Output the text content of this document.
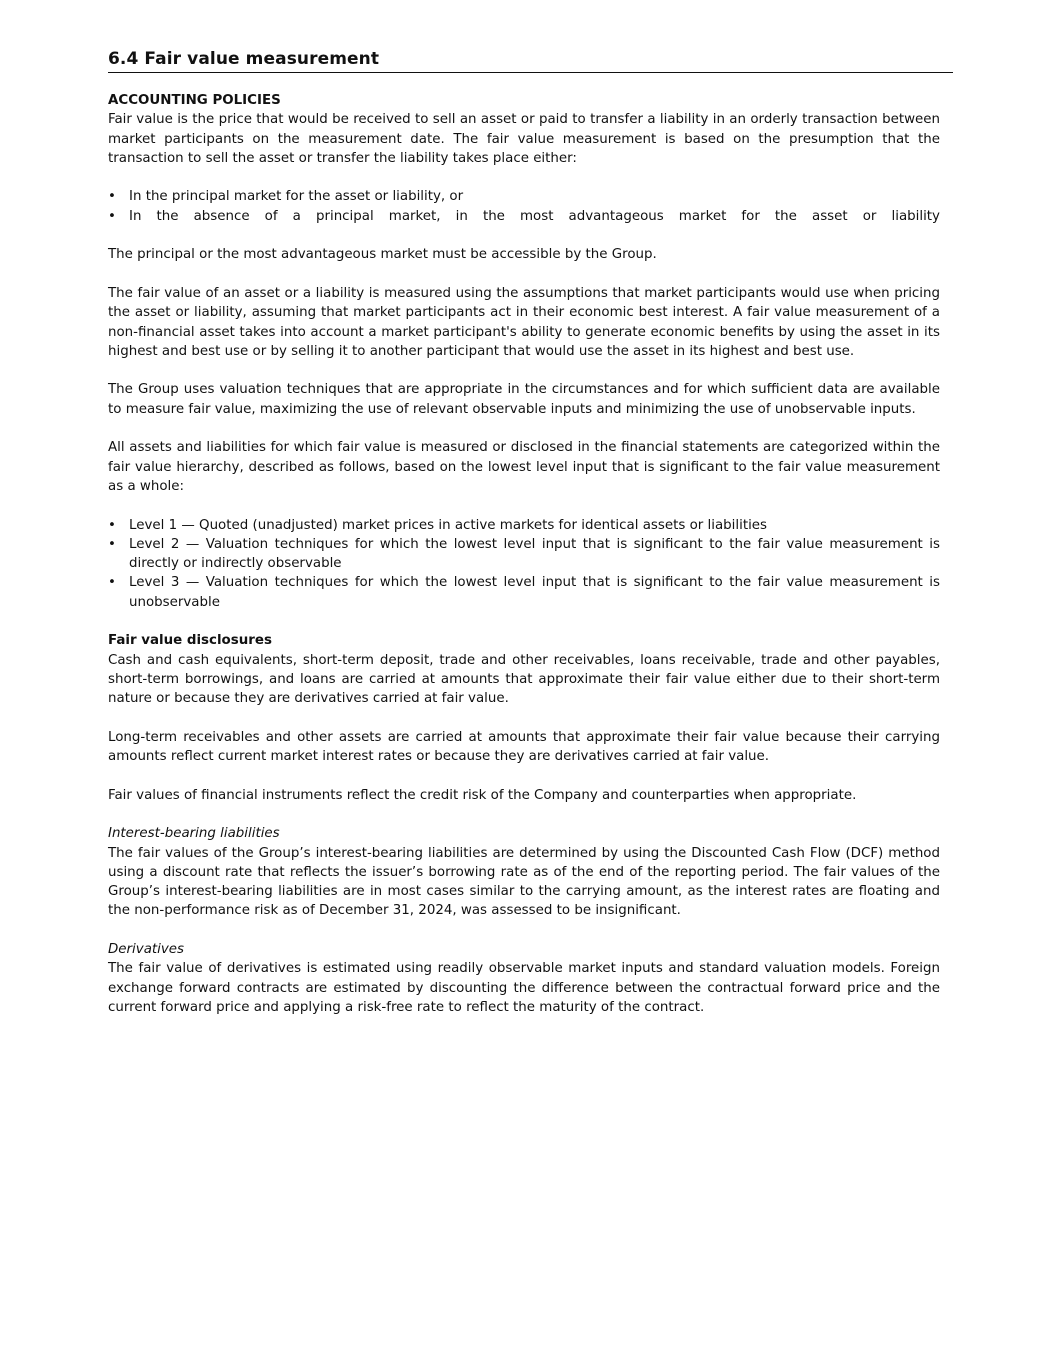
6.4 Fair value measurement
ACCOUNTING POLICIES

Fair value is the price that would be received to sell an asset or paid to transfer a liability in an orderly transaction between market participants on the measurement date. The fair value measurement is based on the presumption that the transaction to sell the asset or transfer the liability takes place either:

• In the principal market for the asset or liability, or
• In the absence of a principal market, in the most advantageous market for the asset or liability

The principal or the most advantageous market must be accessible by the Group.

The fair value of an asset or a liability is measured using the assumptions that market participants would use when pricing the asset or liability, assuming that market participants act in their economic best interest. A fair value measurement of a non-financial asset takes into account a market participant's ability to generate economic benefits by using the asset in its highest and best use or by selling it to another participant that would use the asset in its highest and best use.

The Group uses valuation techniques that are appropriate in the circumstances and for which sufficient data are available to measure fair value, maximizing the use of relevant observable inputs and minimizing the use of unobservable inputs.

All assets and liabilities for which fair value is measured or disclosed in the financial statements are categorized within the fair value hierarchy, described as follows, based on the lowest level input that is significant to the fair value measurement as a whole:

• Level 1 — Quoted (unadjusted) market prices in active markets for identical assets or liabilities
• Level 2 — Valuation techniques for which the lowest level input that is significant to the fair value measurement is directly or indirectly observable
• Level 3 — Valuation techniques for which the lowest level input that is significant to the fair value measurement is unobservable
Fair value disclosures

Cash and cash equivalents, short-term deposit, trade and other receivables, loans receivable, trade and other payables, short-term borrowings, and loans are carried at amounts that approximate their fair value either due to their short-term nature or because they are derivatives carried at fair value.

Long-term receivables and other assets are carried at amounts that approximate their fair value because their carrying amounts reflect current market interest rates or because they are derivatives carried at fair value.

Fair values of financial instruments reflect the credit risk of the Company and counterparties when appropriate.

Interest-bearing liabilities

The fair values of the Group’s interest-bearing liabilities are determined by using the Discounted Cash Flow (DCF) method using a discount rate that reflects the issuer’s borrowing rate as of the end of the reporting period. The fair values of the Group’s interest-bearing liabilities are in most cases similar to the carrying amount, as the interest rates are floating and the non-performance risk as of December 31, 2024, was assessed to be insignificant.

Derivatives

The fair value of derivatives is estimated using readily observable market inputs and standard valuation models. Foreign exchange forward contracts are estimated by discounting the difference between the contractual forward price and the current forward price and applying a risk-free rate to reflect the maturity of the contract.
